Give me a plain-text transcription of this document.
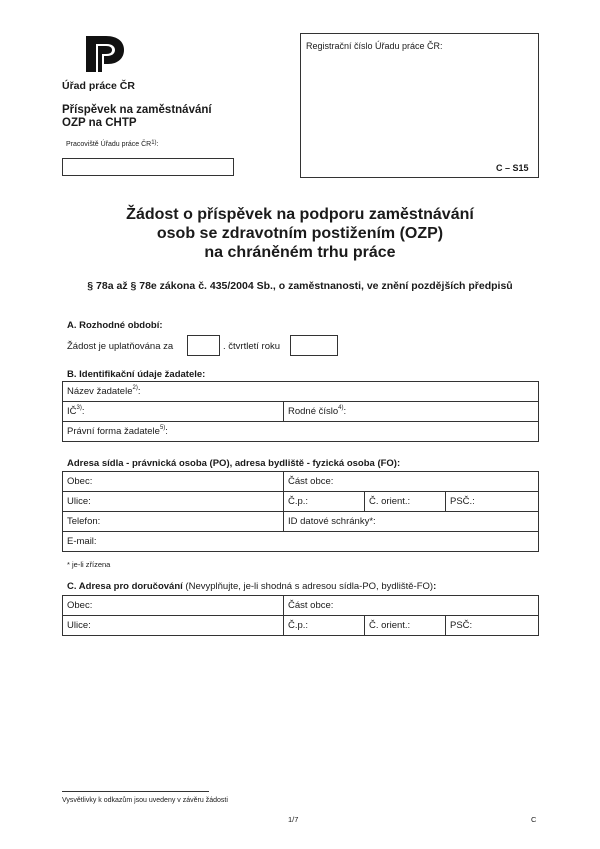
Úřad práce ČR
Příspěvek na zaměstnávání
OZP na CHTP
Pracoviště Úřadu práce ČR$^{1)}$:
Registrační číslo Úřadu práce ČR:
C – S15
Žádost o příspěvek na podporu zaměstnávání
osob se zdravotním postižením (OZP)
na chráněném trhu práce
§ 78a až § 78e zákona č. 435/2004 Sb., o zaměstnanosti, ve znění pozdějších předpisů
A. Rozhodné období:
Žádost je uplatňována za	. čtvrtletí roku
B. Identifikační údaje žadatele:
Název žadatele$^{2)}$:
IČ$^{3)}$:	Rodné číslo$^{4)}$:
Právní forma žadatele$^{5)}$:
Adresa sídla - právnická osoba (PO), adresa bydliště - fyzická osoba (FO):
Obec:	Část obce:		
Ulice:	Č.p.:	Č. orient.:	PSČ.:
Telefon:	ID datové schránky*:		
E-mail:			
* je-li zřízena
C. Adresa pro doručování (Nevyplňujte, je-li shodná s adresou sídla-PO, bydliště-FO):
Obec:	Část obce:		
Ulice:	Č.p.:	Č. orient.:	PSČ:
Vysvětlivky k odkazům jsou uvedeny v závěru žádosti
1/7	C
